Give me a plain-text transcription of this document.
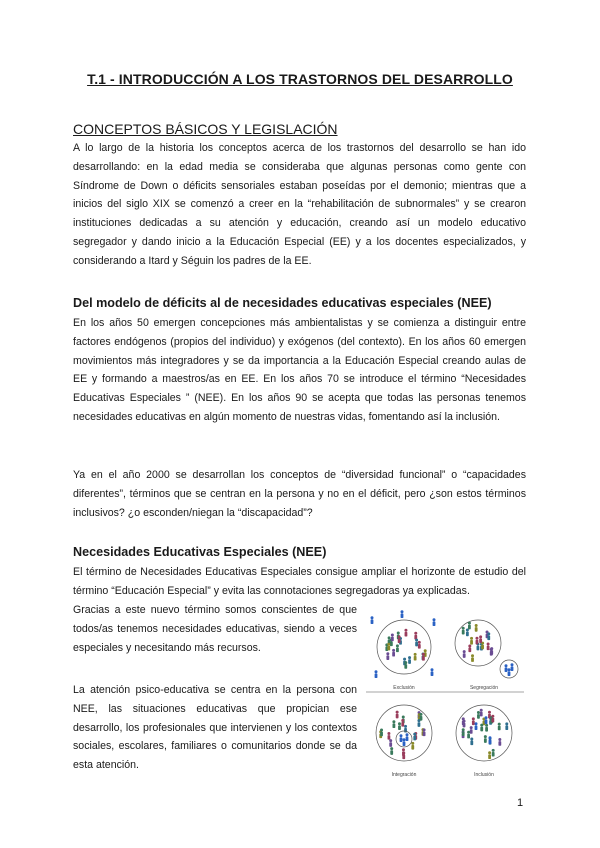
T.1 - INTRODUCCIÓN A LOS TRASTORNOS DEL DESARROLLO
CONCEPTOS BÁSICOS Y LEGISLACIÓN

A lo largo de la historia los conceptos acerca de los trastornos del desarrollo se han ido desarrollando: en la edad media se consideraba que algunas personas como gente con Síndrome de Down o déficits sensoriales estaban poseídas por el demonio; mientras que a inicios del siglo XIX se comenzó a creer en la “rehabilitación de subnormales” y se crearon instituciones dedicadas a su atención y educación, creando así un modelo educativo segregador y dando inicio a la Educación Especial (EE) y a los docentes especializados, y considerando a Itard y Séguin los padres de la EE.

Del modelo de déficits al de necesidades educativas especiales (NEE)

En los años 50 emergen concepciones más ambientalistas y se comienza a distinguir entre factores endógenos (propios del individuo) y exógenos (del contexto). En los años 60 emergen movimientos más integradores y se da importancia a la Educación Especial creando aulas de EE y formando a maestros/as en EE. En los años 70 se introduce el término “Necesidades Educativas Especiales ” (NEE). En los años 90 se acepta que todas las personas tenemos necesidades educativas en algún momento de nuestras vidas, fomentando así la inclusión.

Ya en el año 2000 se desarrollan los conceptos de “diversidad funcional” o “capacidades diferentes”, términos que se centran en la persona y no en el déficit, pero ¿son estos términos inclusivos? ¿o esconden/niegan la “discapacidad”?

Necesidades Educativas Especiales (NEE)

El término de Necesidades Educativas Especiales consigue ampliar el horizonte de estudio del término “Educación Especial” y evita las connotaciones segregadoras ya explicadas.

Gracias a este nuevo término somos conscientes de que todos/as tenemos necesidades educativas, siendo a veces especiales y necesitando más recursos.

La atención psico-educativa se centra en la persona con NEE, las situaciones educativas que propician ese desarrollo, los profesionales que intervienen y los contextos sociales, escolares, familiares o comunitarios donde se da esta atención.

Exclusión	Segregación
Integración	Inclusión
1
